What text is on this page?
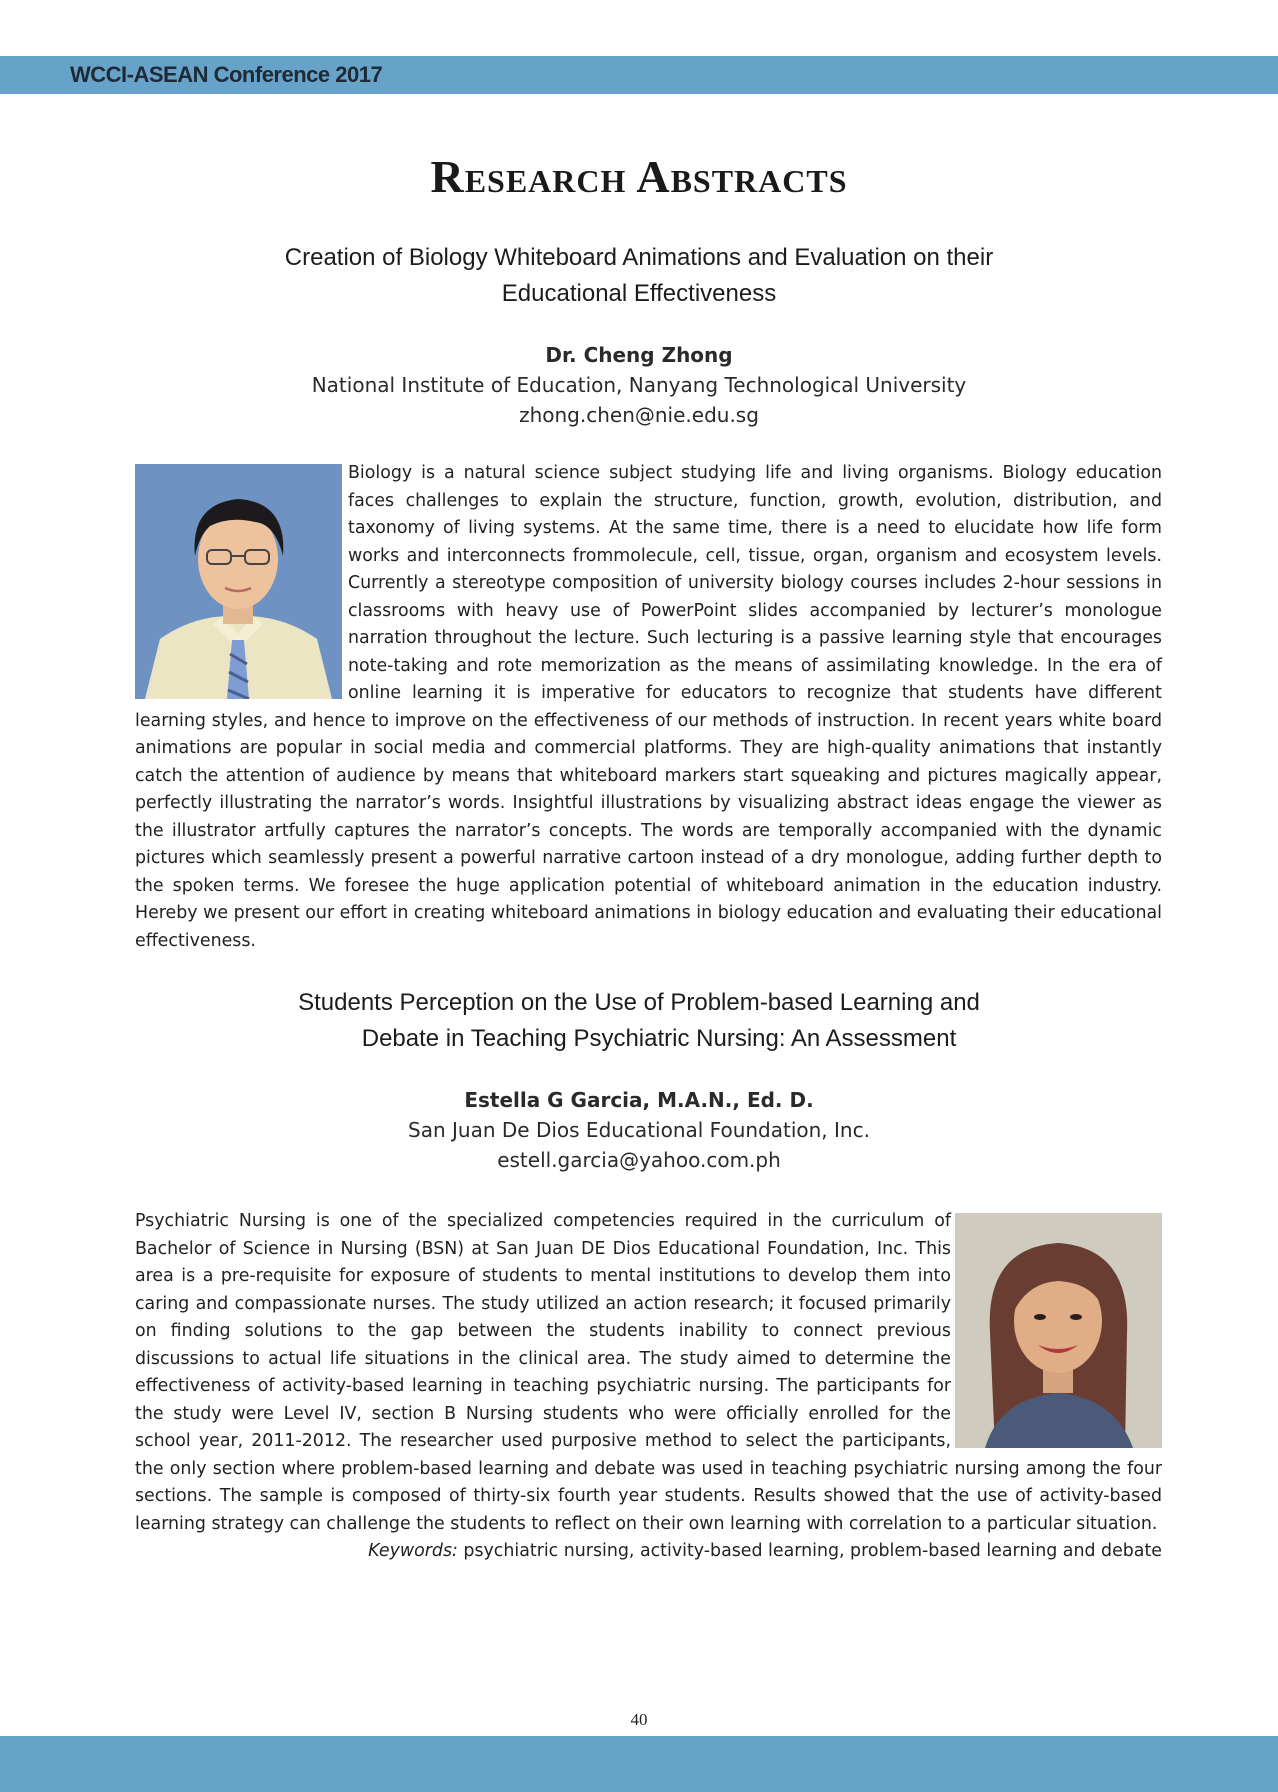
WCCI-ASEAN Conference 2017
Research Abstracts
Creation of Biology Whiteboard Animations and Evaluation on their
Educational Effectiveness
Dr. Cheng Zhong
National Institute of Education, Nanyang Technological University
zhong.chen@nie.edu.sg
Biology is a natural science subject studying life and living organisms. Biology education faces challenges to explain the structure, function, growth, evolution, distribution, and taxonomy of living systems. At the same time, there is a need to elucidate how life form works and interconnects frommolecule, cell, tissue, organ, organism and ecosystem levels. Currently a stereotype composition of university biology courses includes 2-hour sessions in classrooms with heavy use of PowerPoint slides accompanied by lecturer’s monologue narration throughout the lecture. Such lecturing is a passive learning style that encourages note-taking and rote memorization as the means of assimilating knowledge. In the era of online learning it is imperative for educators to recognize that students have different learning styles, and hence to improve on the effectiveness of our methods of instruction. In recent years white board animations are popular in social media and commercial platforms. They are high-quality animations that instantly catch the attention of audience by means that whiteboard markers start squeaking and pictures magically appear, perfectly illustrating the narrator’s words. Insightful illustrations by visualizing abstract ideas engage the viewer as the illustrator artfully captures the narrator’s concepts. The words are temporally accompanied with the dynamic pictures which seamlessly present a powerful narrative cartoon instead of a dry monologue, adding further depth to the spoken terms. We foresee the huge application potential of whiteboard animation in the education industry. Hereby we present our effort in creating whiteboard animations in biology education and evaluating their educational effectiveness.
Students Perception on the Use of Problem-based Learning and
Debate in Teaching Psychiatric Nursing: An Assessment
Estella G Garcia, M.A.N., Ed. D.
San Juan De Dios Educational Foundation, Inc.
estell.garcia@yahoo.com.ph
Psychiatric Nursing is one of the specialized competencies required in the curriculum of Bachelor of Science in Nursing (BSN) at San Juan DE Dios Educational Foundation, Inc. This area is a pre-requisite for exposure of students to mental institutions to develop them into caring and compassionate nurses. The study utilized an action research; it focused primarily on finding solutions to the gap between the students inability to connect previous discussions to actual life situations in the clinical area. The study aimed to determine the effectiveness of activity-based learning in teaching psychiatric nursing. The participants for the study were Level IV, section B Nursing students who were officially enrolled for the school year, 2011-2012. The researcher used purposive method to select the participants, the only section where problem-based learning and debate was used in teaching psychiatric nursing among the four sections. The sample is composed of thirty-six fourth year students. Results showed that the use of activity-based learning strategy can challenge the students to reflect on their own learning with correlation to a particular situation.
Keywords: psychiatric nursing, activity-based learning, problem-based learning and debate
40
